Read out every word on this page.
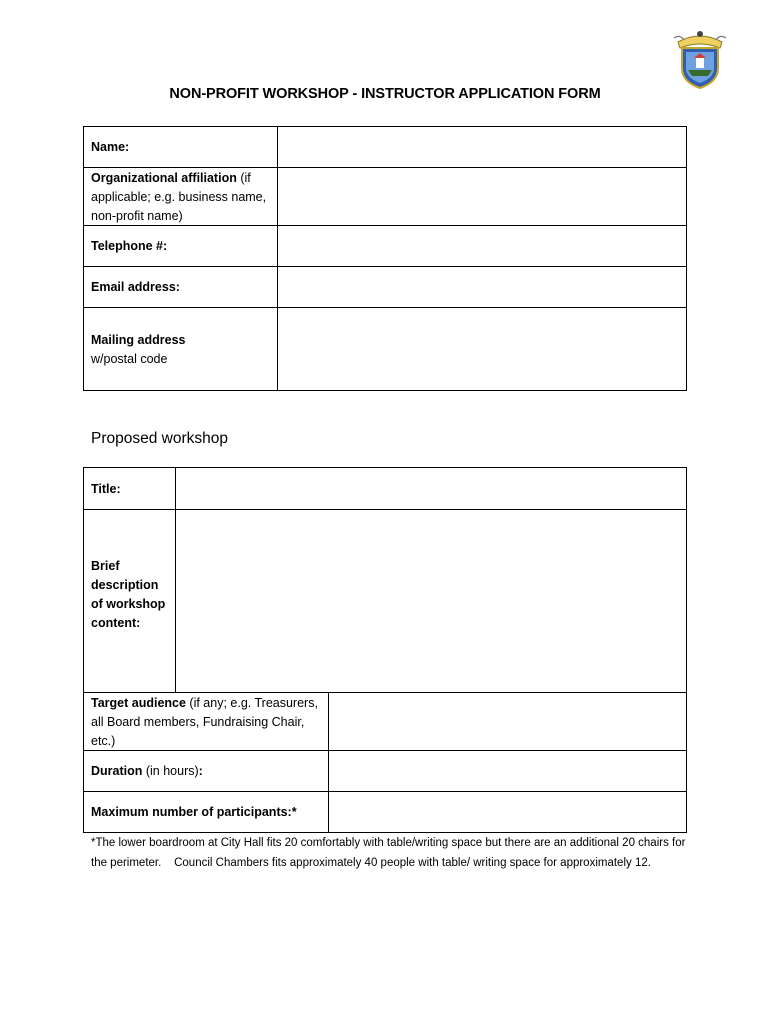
NON-PROFIT WORKSHOP - INSTRUCTOR APPLICATION FORM
Name:
Organizational affiliation (if applicable; e.g. business name, non-profit name)
Telephone #:
Email address:
Mailing address
w/postal code
Proposed workshop
Title:
Brief description of workshop content:
Target audience (if any; e.g. Treasurers, all Board members, Fundraising Chair, etc.)
Duration (in hours):
Maximum number of participants:*
*The lower boardroom at City Hall fits 20 comfortably with table/writing space but there are an additional 20 chairs for the perimeter.    Council Chambers fits approximately 40 people with table/ writing space for approximately 12.
